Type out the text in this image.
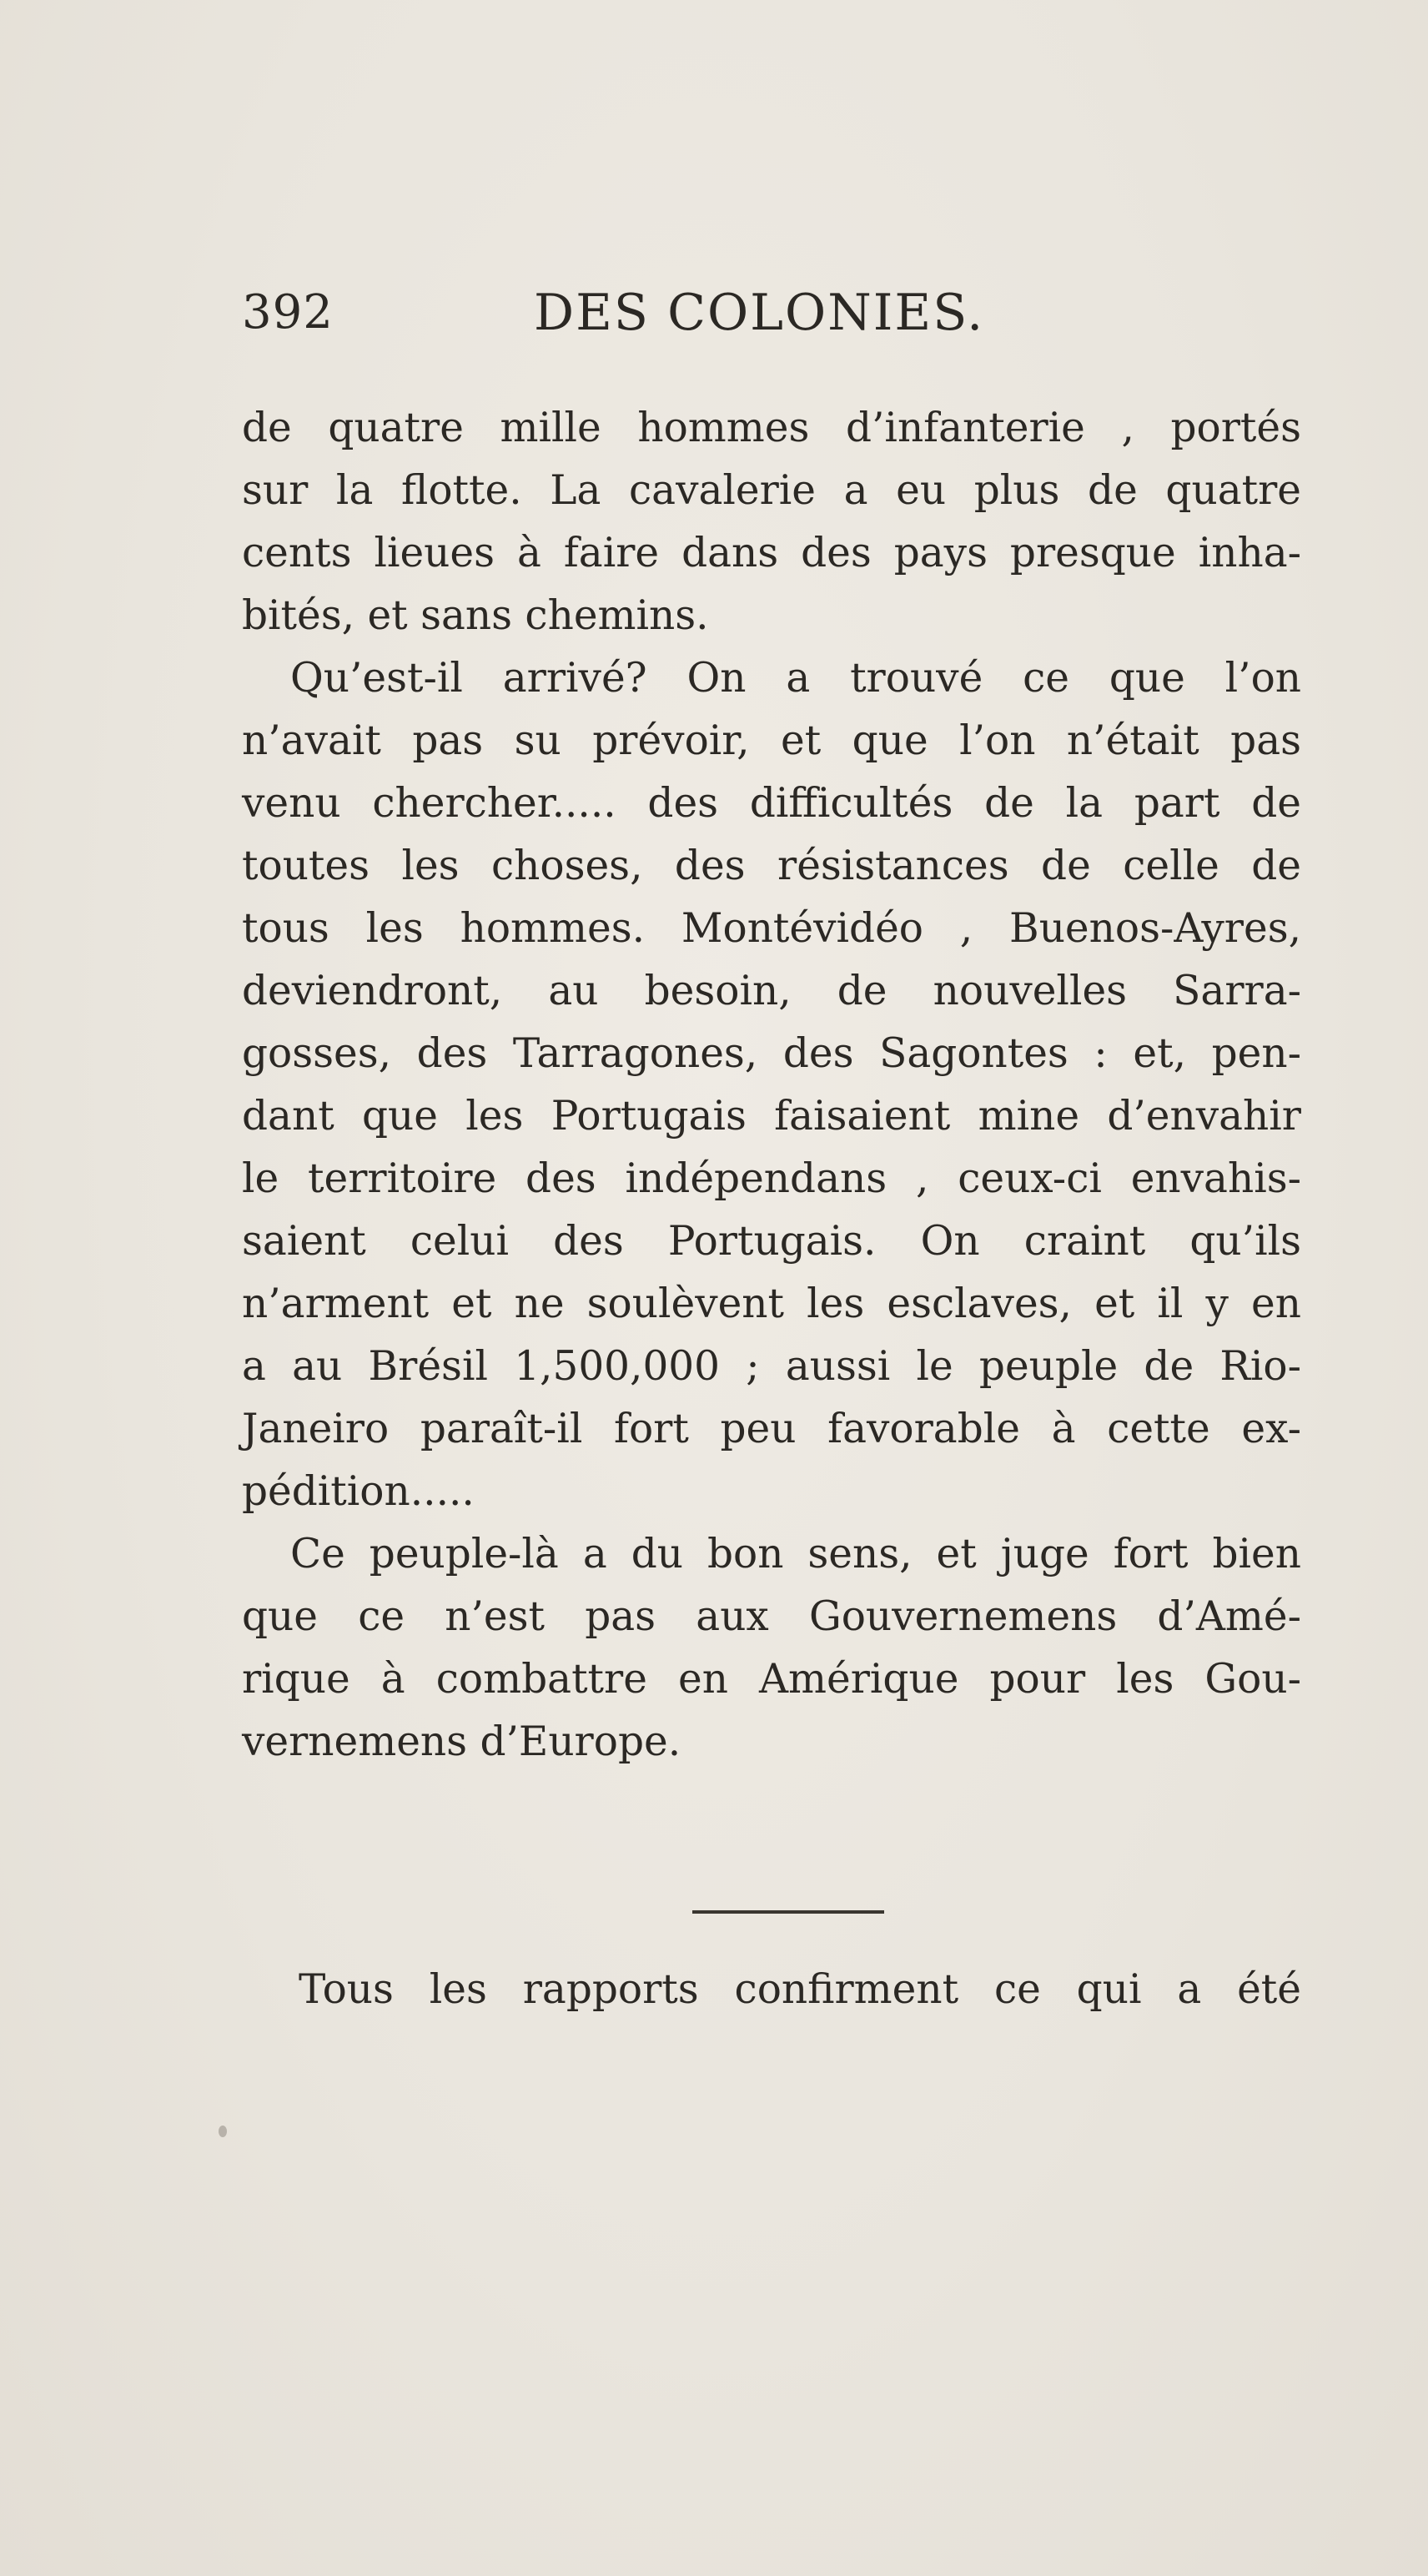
392	DES COLONIES.
de quatre mille hommes d’infanterie , portés
sur la flotte. La cavalerie a eu plus de quatre
cents lieues à faire dans des pays presque inha-
bités, et sans chemins.
Qu’est-il arrivé? On a trouvé ce que l’on
n’avait pas su prévoir, et que l’on n’était pas
venu chercher..... des difficultés de la part de
toutes les choses, des résistances de celle de
tous les hommes. Montévidéo , Buenos-Ayres,
deviendront, au besoin, de nouvelles Sarra-
gosses, des Tarragones, des Sagontes : et, pen-
dant que les Portugais faisaient mine d’envahir
le territoire des indépendans , ceux-ci envahis-
saient celui des Portugais. On craint qu’ils
n’arment et ne soulèvent les esclaves, et il y en
a au Brésil 1,500,000 ; aussi le peuple de Rio-
Janeiro paraît-il fort peu favorable à cette ex-
pédition.....
Ce peuple-là a du bon sens, et juge fort bien
que ce n’est pas aux Gouvernemens d’Amé-
rique à combattre en Amérique pour les Gou-
vernemens d’Europe.
Tous les rapports confirment ce qui a été
